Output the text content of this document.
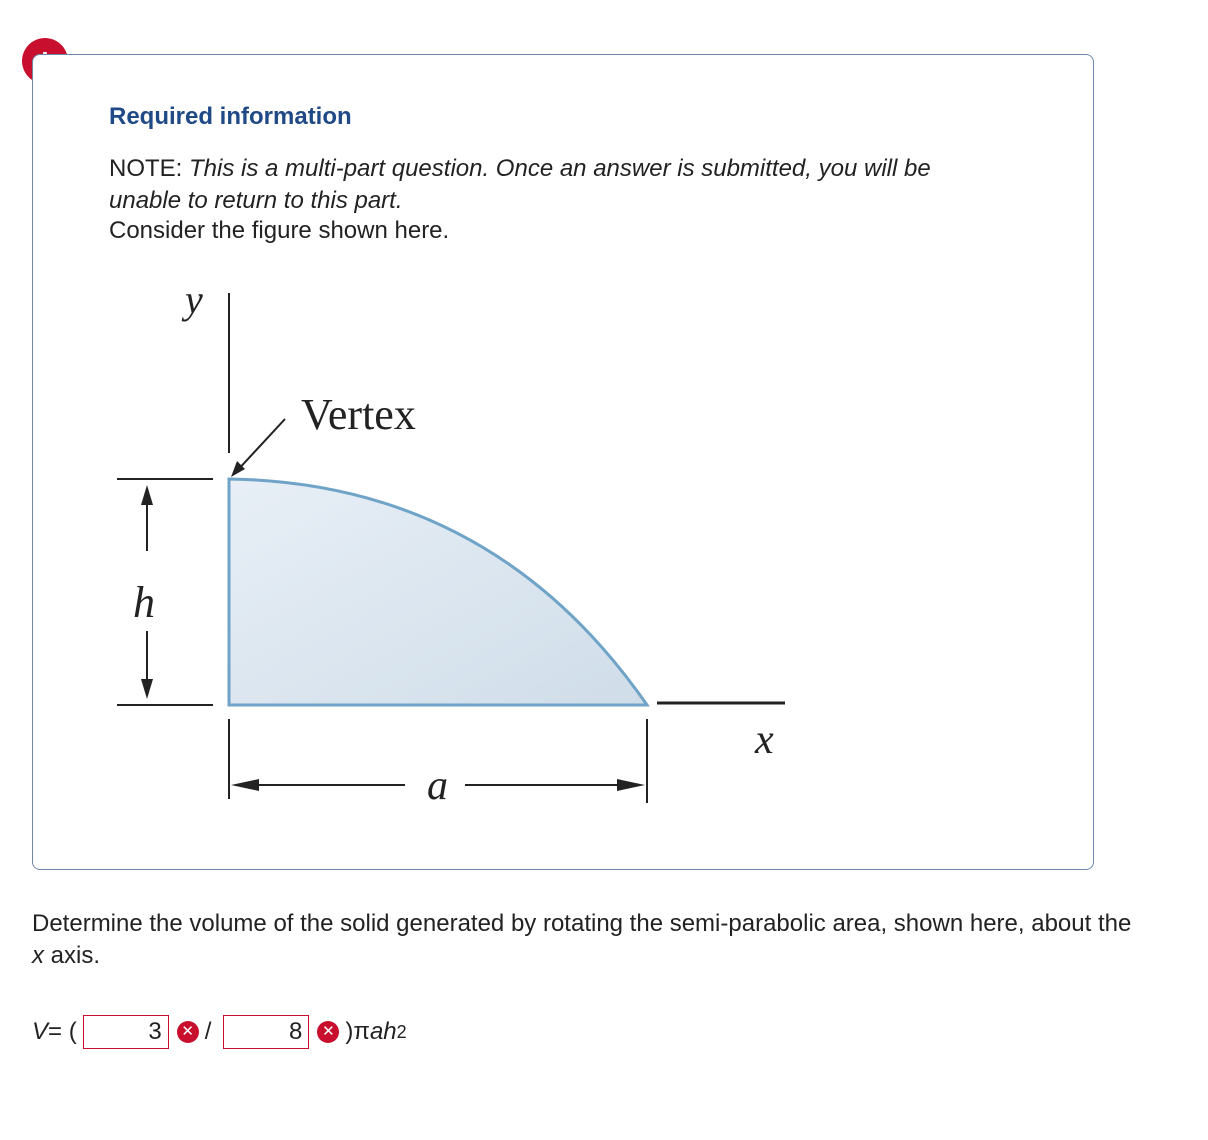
Required information

NOTE: This is a multi-part question. Once an answer is submitted, you will be unable to return to this part.

Consider the figure shown here.

y
Vertex
x
h
a

Determine the volume of the solid generated by rotating the semi-parabolic area, shown here, about the x axis.

V = (
3	✕ /
8	✕ ) π a h 2
